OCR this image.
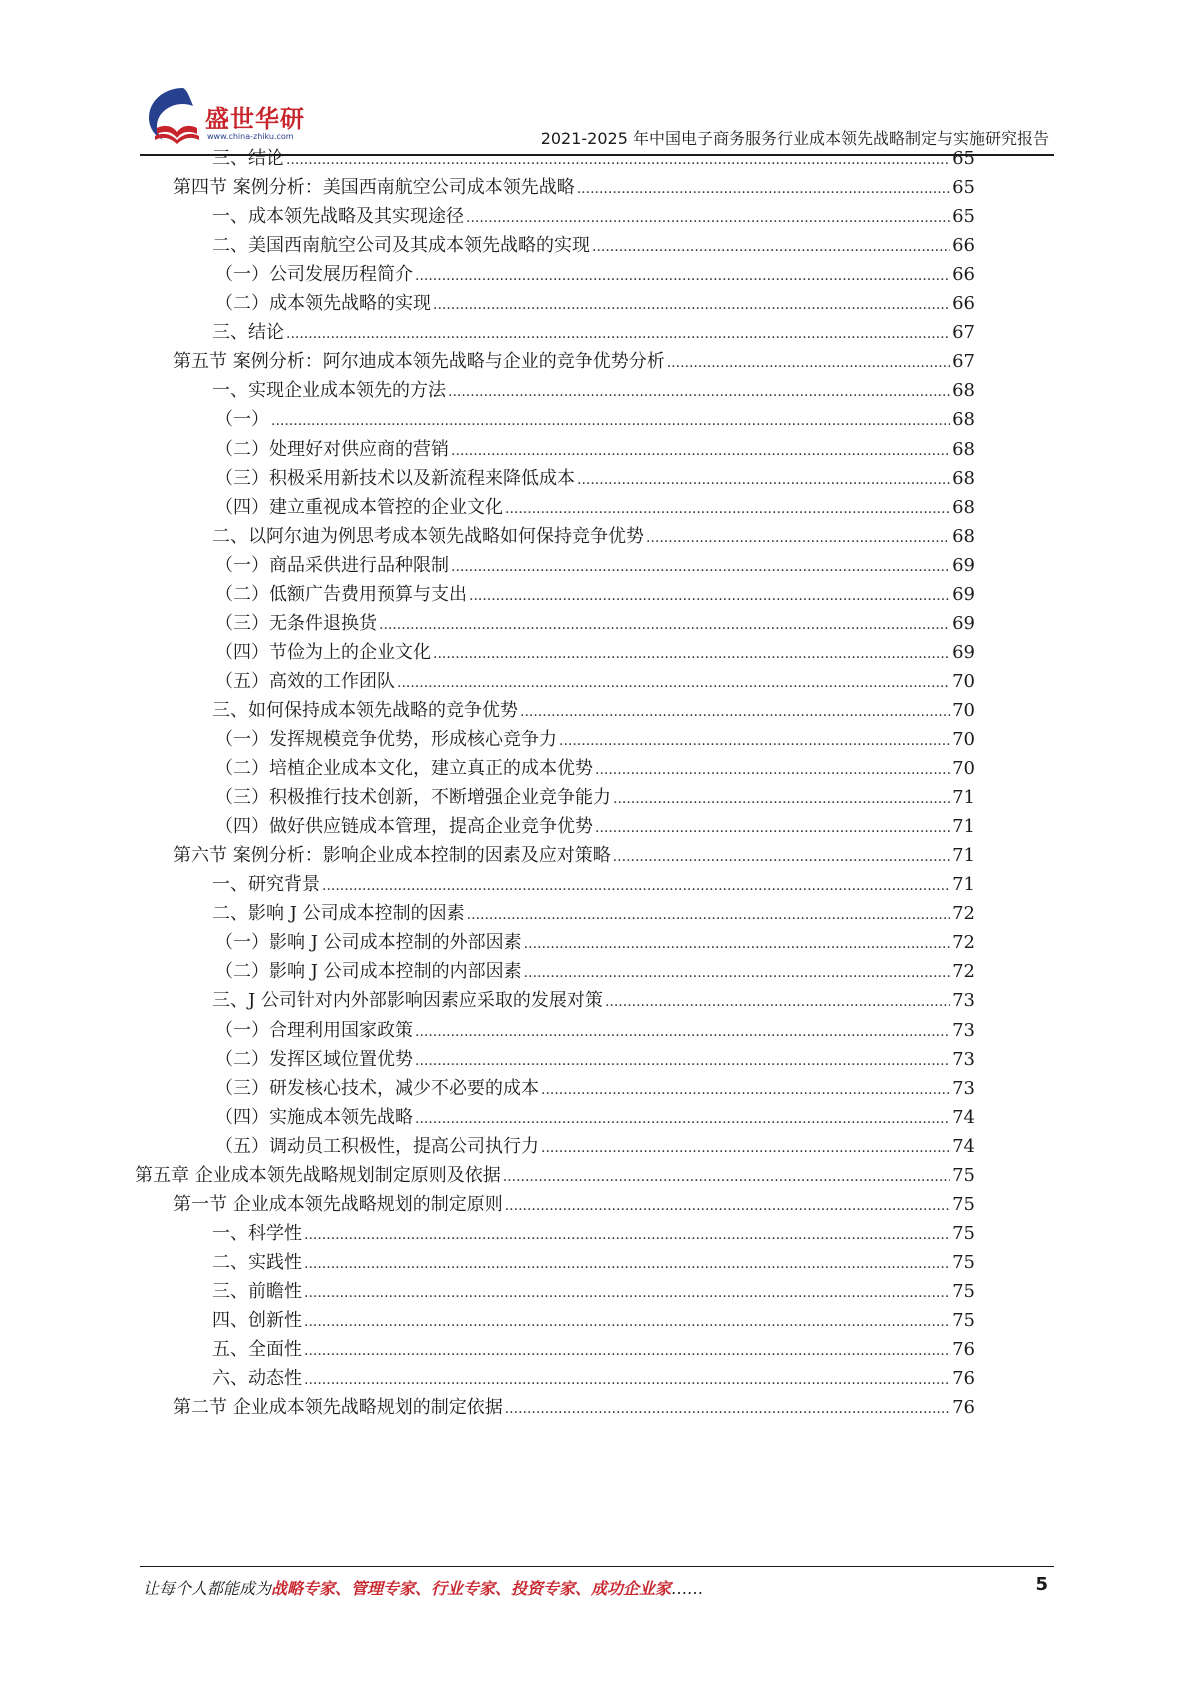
盛世华研
www.china-zhiku.com	2021-2025 年中国电子商务服务行业成本领先战略制定与实施研究报告
三、结论 .....	65
第四节 案例分析：美国西南航空公司成本领先战略 .....	65
一、成本领先战略及其实现途径 .....	65
二、美国西南航空公司及其成本领先战略的实现 .....	66
（一）公司发展历程简介 .....	66
（二）成本领先战略的实现 .....	66
三、结论 .....	67
第五节 案例分析：阿尔迪成本领先战略与企业的竞争优势分析 .....	67
一、实现企业成本领先的方法 .....	68
（一） .....	68
（二）处理好对供应商的营销 .....	68
（三）积极采用新技术以及新流程来降低成本 .....	68
（四）建立重视成本管控的企业文化 .....	68
二、以阿尔迪为例思考成本领先战略如何保持竞争优势 .....	68
（一）商品采供进行品种限制 .....	69
（二）低额广告费用预算与支出 .....	69
（三）无条件退换货 .....	69
（四）节俭为上的企业文化 .....	69
（五）高效的工作团队 .....	70
三、如何保持成本领先战略的竞争优势 .....	70
（一）发挥规模竞争优势，形成核心竞争力 .....	70
（二）培植企业成本文化，建立真正的成本优势 .....	70
（三）积极推行技术创新，不断增强企业竞争能力 .....	71
（四）做好供应链成本管理，提高企业竞争优势 .....	71
第六节 案例分析：影响企业成本控制的因素及应对策略 .....	71
一、研究背景 .....	71
二、影响 J 公司成本控制的因素 .....	72
（一）影响 J 公司成本控制的外部因素 .....	72
（二）影响 J 公司成本控制的内部因素 .....	72
三、J 公司针对内外部影响因素应采取的发展对策 .....	73
（一）合理利用国家政策 .....	73
（二）发挥区域位置优势 .....	73
（三）研发核心技术，减少不必要的成本 .....	73
（四）实施成本领先战略 .....	74
（五）调动员工积极性，提高公司执行力 .....	74
第五章 企业成本领先战略规划制定原则及依据 .....	75
第一节 企业成本领先战略规划的制定原则 .....	75
一、科学性 .....	75
二、实践性 .....	75
三、前瞻性 .....	75
四、创新性 .....	75
五、全面性 .....	76
六、动态性 .....	76
第二节 企业成本领先战略规划的制定依据 .....	76
让每个人都能成为战略专家、管理专家、行业专家、投资专家、成功企业家……	5
